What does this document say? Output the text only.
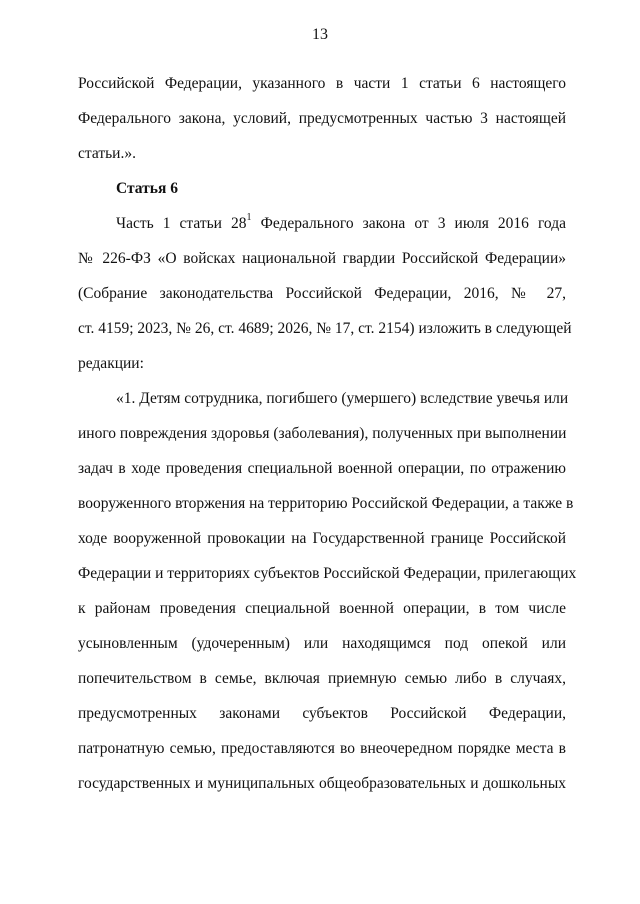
13
Российской Федерации, указанного в части 1 статьи 6 настоящего
Федерального закона, условий, предусмотренных частью 3 настоящей
статьи.».
Статья 6
Часть 1 статьи $28^1$ Федерального закона от 3 июля 2016 года
№ 226-ФЗ «О войсках национальной гвардии Российской Федерации»
(Собрание законодательства Российской Федерации, 2016, № 27,
ст. 4159; 2023, № 26, ст. 4689; 2026, № 17, ст. 2154) изложить в следующей
редакции:
«1. Детям сотрудника, погибшего (умершего) вследствие увечья или
иного повреждения здоровья (заболевания), полученных при выполнении
задач в ходе проведения специальной военной операции, по отражению
вооруженного вторжения на территорию Российской Федерации, а также в
ходе вооруженной провокации на Государственной границе Российской
Федерации и территориях субъектов Российской Федерации, прилегающих
к районам проведения специальной военной операции, в том числе
усыновленным (удочеренным) или находящимся под опекой или
попечительством в семье, включая приемную семью либо в случаях,
предусмотренных законами субъектов Российской Федерации,
патронатную семью, предоставляются во внеочередном порядке места в
государственных и муниципальных общеобразовательных и дошкольных
